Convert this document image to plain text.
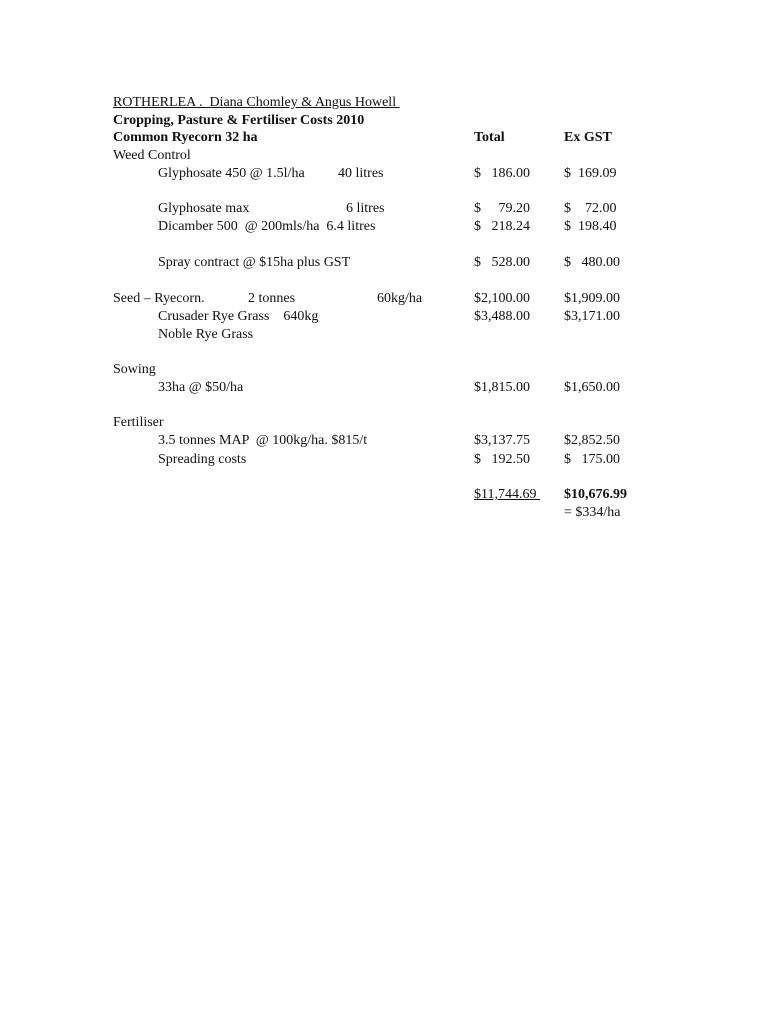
ROTHERLEA .  Diana Chomley & Angus Howell
Cropping, Pasture & Fertiliser Costs 2010
Common Ryecorn 32 ha	Total	Ex GST
Weed Control
Glyphosate 450 @ 1.5l/ha 40 litres	$   186.00 $  169.09
Glyphosate max	6 litres	$     79.20 $    72.00
Dicamber 500  @ 200mls/ha  6.4 litres	$   218.24 $  198.40
Spray contract @ $15ha plus GST	$   528.00 $   480.00
Seed – Ryecorn.	2 tonnes	60kg/ha	$2,100.00 $1,909.00
Crusader Rye Grass    640kg	$3,488.00 $3,171.00
Noble Rye Grass
Sowing
33ha @ $50/ha	$1,815.00 $1,650.00
Fertiliser
3.5 tonnes MAP  @ 100kg/ha. $815/t	$3,137.75 $2,852.50
Spreading costs	$   192.50 $   175.00
$11,744.69 $10,676.99
= $334/ha
